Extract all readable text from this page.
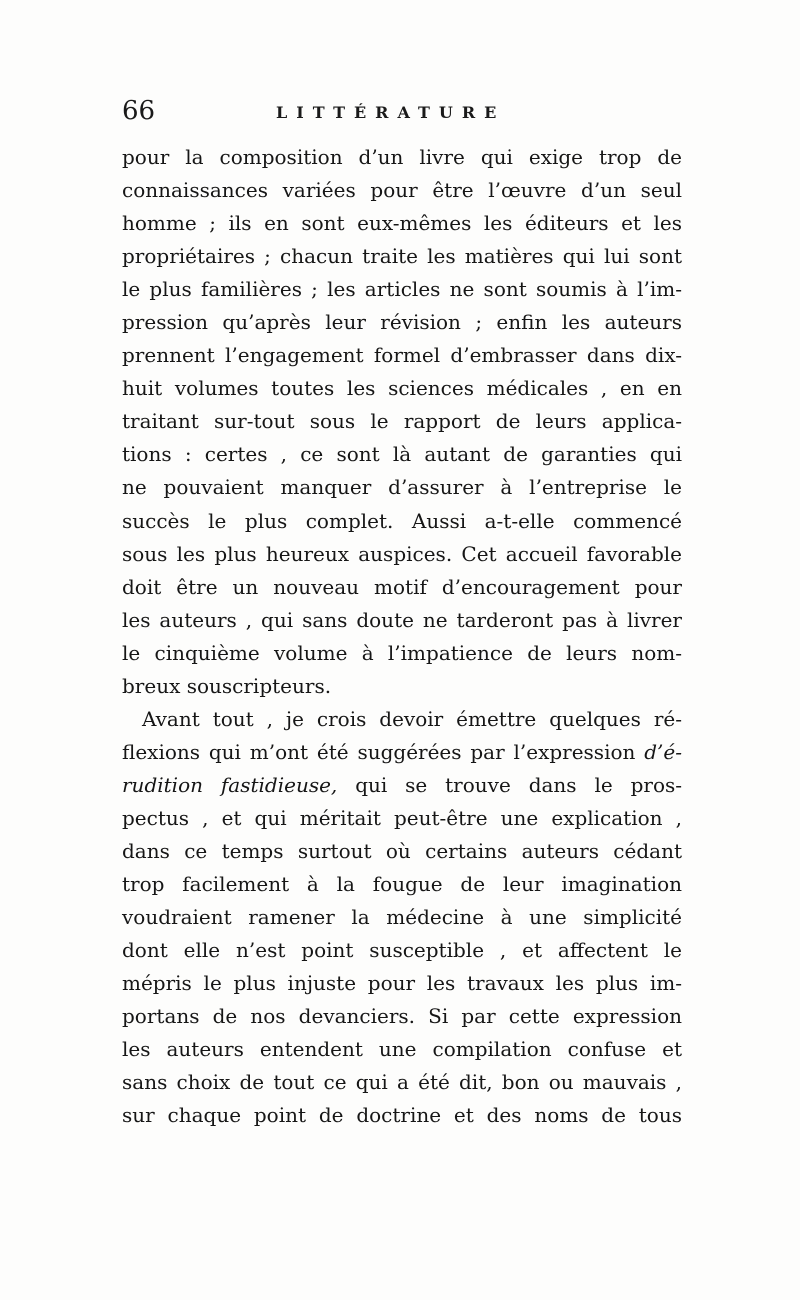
66	LITTÉRATURE
pour la composition d’un livre qui exige trop de
connaissances variées pour être l’œuvre d’un seul
homme ; ils en sont eux-mêmes les éditeurs et les
propriétaires ; chacun traite les matières qui lui sont
le plus familières ; les articles ne sont soumis à l’im-
pression qu’après leur révision ; enfin les auteurs
prennent l’engagement formel d’embrasser dans dix-
huit volumes toutes les sciences médicales , en en
traitant sur-tout sous le rapport de leurs applica-
tions : certes , ce sont là autant de garanties qui
ne pouvaient manquer d’assurer à l’entreprise le
succès le plus complet. Aussi a-t-elle commencé
sous les plus heureux auspices. Cet accueil favorable
doit être un nouveau motif d’encouragement pour
les auteurs , qui sans doute ne tarderont pas à livrer
le cinquième volume à l’impatience de leurs nom-
breux souscripteurs.
Avant tout , je crois devoir émettre quelques ré-
flexions qui m’ont été suggérées par l’expression d’é-
rudition fastidieuse, qui se trouve dans le pros-
pectus , et qui méritait peut-être une explication ,
dans ce temps surtout où certains auteurs cédant
trop facilement à la fougue de leur imagination
voudraient ramener la médecine à une simplicité
dont elle n’est point susceptible , et affectent le
mépris le plus injuste pour les travaux les plus im-
portans de nos devanciers. Si par cette expression
les auteurs entendent une compilation confuse et
sans choix de tout ce qui a été dit, bon ou mauvais ,
sur chaque point de doctrine et des noms de tous
